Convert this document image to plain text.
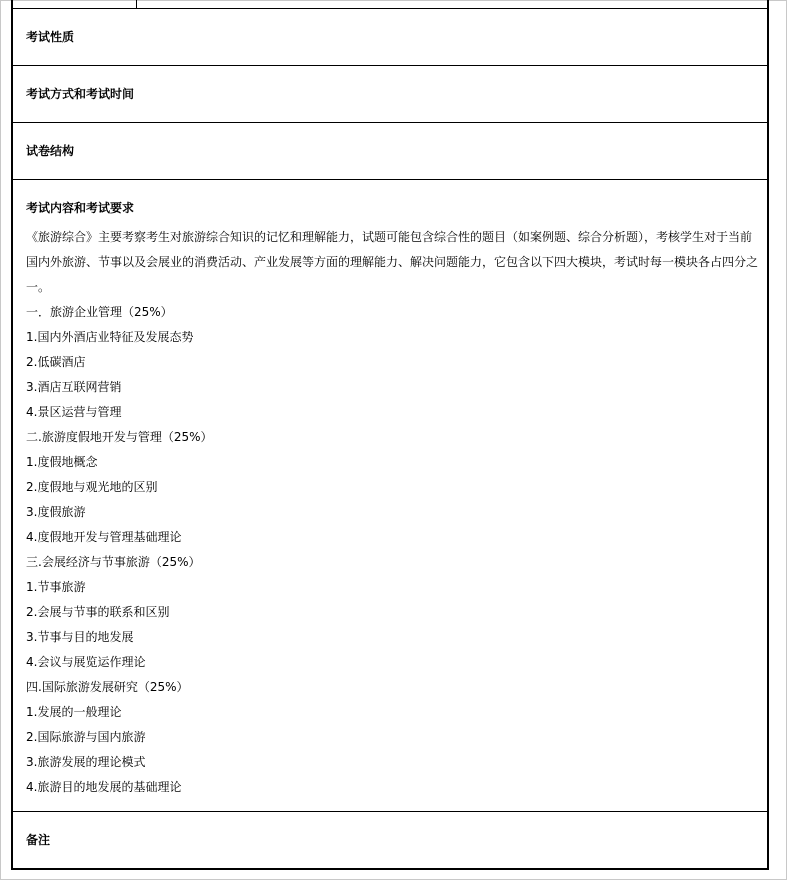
考试性质
考试方式和考试时间
试卷结构
考试内容和考试要求

《旅游综合》主要考察考生对旅游综合知识的记忆和理解能力，试题可能包含综合性的题目（如案例题、综合分析题），考核学生对于当前国内外旅游、节事以及会展业的消费活动、产业发展等方面的理解能力、解决问题能力，它包含以下四大模块，考试时每一模块各占四分之一。

一．旅游企业管理（25%）

1.国内外酒店业特征及发展态势

2.低碳酒店

3.酒店互联网营销

4.景区运营与管理

二.旅游度假地开发与管理（25%）

1.度假地概念

2.度假地与观光地的区别

3.度假旅游

4.度假地开发与管理基础理论

三.会展经济与节事旅游（25%）

1.节事旅游

2.会展与节事的联系和区别

3.节事与目的地发展

4.会议与展览运作理论

四.国际旅游发展研究（25%）

1.发展的一般理论

2.国际旅游与国内旅游

3.旅游发展的理论模式

4.旅游目的地发展的基础理论

备注
